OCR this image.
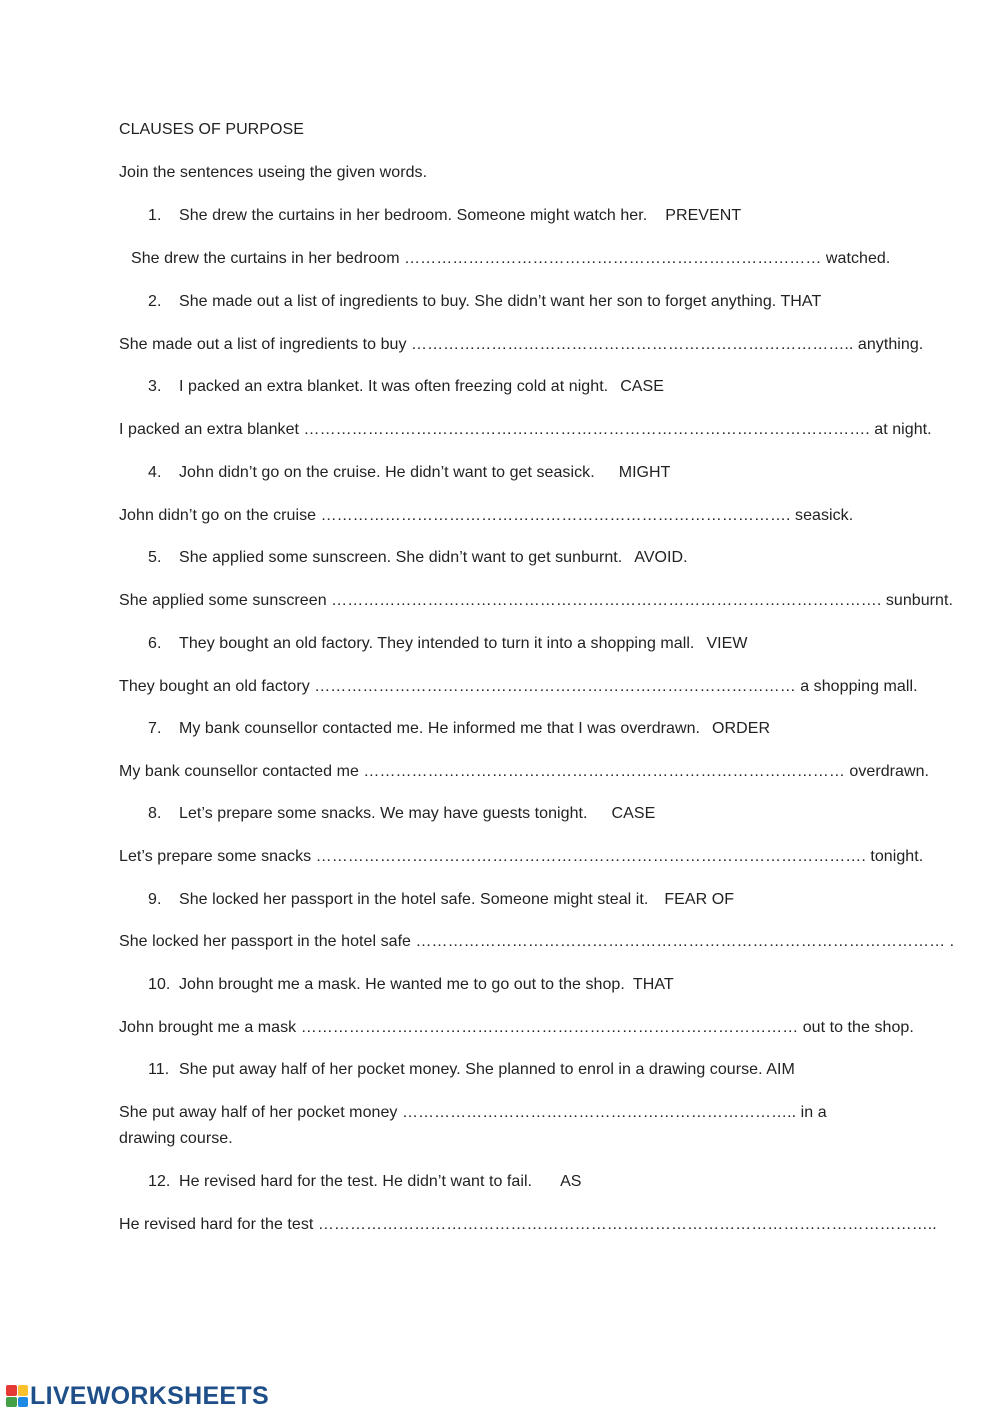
CLAUSES OF PURPOSE
Join the sentences useing the given words.
1. She drew the curtains in her bedroom. Someone might watch her. PREVENT
She drew the curtains in her bedroom …………………………………………………………………… watched.
2. She made out a list of ingredients to buy. She didn’t want her son to forget anything. THAT
She made out a list of ingredients to buy ……………………………………………………………………….. anything.
3. I packed an extra blanket. It was often freezing cold at night. CASE
I packed an extra blanket ……………………………………………………………………………………………. at night.
4. John didn’t go on the cruise. He didn’t want to get seasick. MIGHT
John didn’t go on the cruise ……………………………………………………………………………. seasick.
5. She applied some sunscreen. She didn’t want to get sunburnt. AVOID.
She applied some sunscreen …………………………………………………………………………………………. sunburnt.
6. They bought an old factory. They intended to turn it into a shopping mall. VIEW
They bought an old factory ……………………………………………………………………………… a shopping mall.
7. My bank counsellor contacted me. He informed me that I was overdrawn. ORDER
My bank counsellor contacted me ……………………………………………………………………………… overdrawn.
8. Let’s prepare some snacks. We may have guests tonight. CASE
Let’s prepare some snacks …………………………………………………………………………………………. tonight.
9. She locked her passport in the hotel safe. Someone might steal it. FEAR OF
She locked her passport in the hotel safe ……………………………………………………………………………………… .
10. John brought me a mask. He wanted me to go out to the shop. THAT
John brought me a mask ………………………………………………………………………………… out to the shop.
11. She put away half of her pocket money. She planned to enrol in a drawing course. AIM
She put away half of her pocket money ……………………………………………………………….. in a drawing course.
12. He revised hard for the test. He didn’t want to fail. AS
He revised hard for the test ……………………………………………………………………………………………………..
LIVEWORKSHEETS
